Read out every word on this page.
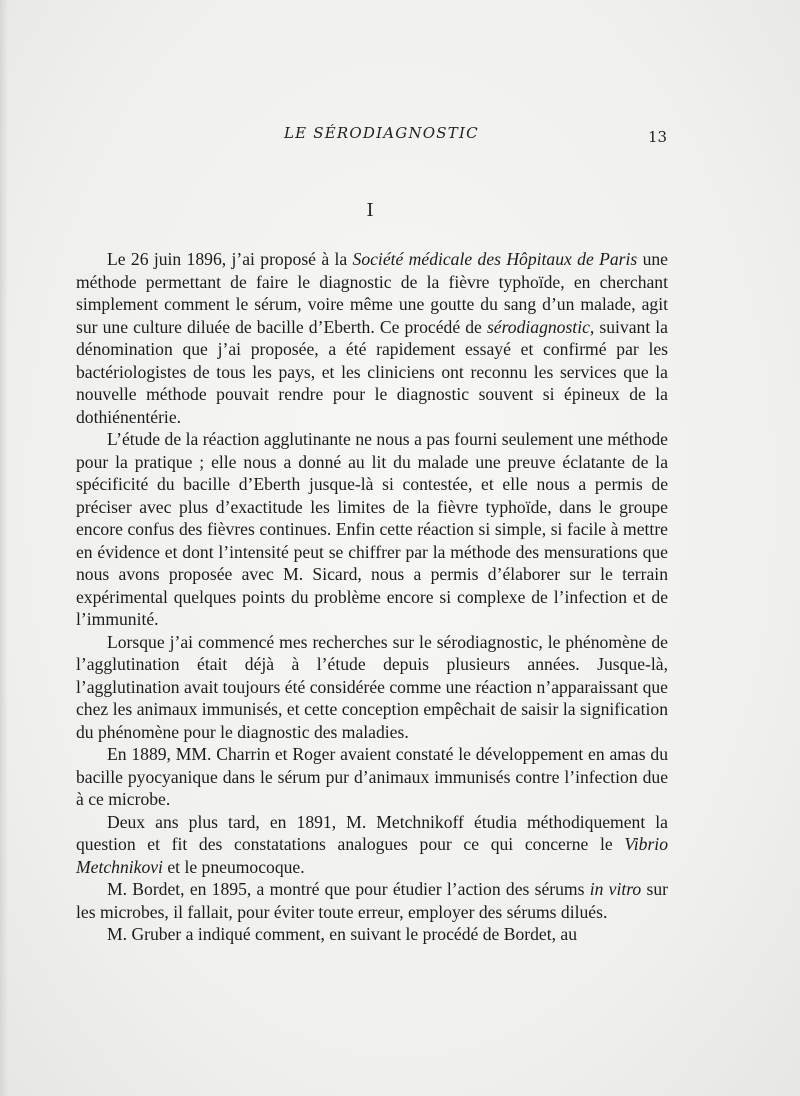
LE SÉRODIAGNOSTIC	13
I

Le 26 juin 1896, j’ai proposé à la Société médicale des Hôpitaux de Paris une méthode permettant de faire le diagnostic de la fièvre typhoïde, en cherchant simplement comment le sérum, voire même une goutte du sang d’un malade, agit sur une culture diluée de bacille d’Eberth. Ce procédé de sérodiagnostic, suivant la dénomination que j’ai proposée, a été rapidement essayé et confirmé par les bactériologistes de tous les pays, et les cliniciens ont reconnu les services que la nouvelle méthode pouvait rendre pour le diagnostic souvent si épineux de la dothiénentérie.

L’étude de la réaction agglutinante ne nous a pas fourni seulement une méthode pour la pratique ; elle nous a donné au lit du malade une preuve éclatante de la spécificité du bacille d’Eberth jusque-là si contestée, et elle nous a permis de préciser avec plus d’exactitude les limites de la fièvre typhoïde, dans le groupe encore confus des fièvres continues. Enfin cette réaction si simple, si facile à mettre en évidence et dont l’intensité peut se chiffrer par la méthode des mensurations que nous avons proposée avec M. Sicard, nous a permis d’élaborer sur le terrain expérimental quelques points du problème encore si complexe de l’infection et de l’immunité.

Lorsque j’ai commencé mes recherches sur le sérodiagnostic, le phénomène de l’agglutination était déjà à l’étude depuis plusieurs années. Jusque-là, l’agglutination avait toujours été considérée comme une réaction n’apparaissant que chez les animaux immunisés, et cette conception empêchait de saisir la signification du phénomène pour le diagnostic des maladies.

En 1889, MM. Charrin et Roger avaient constaté le développement en amas du bacille pyocyanique dans le sérum pur d’animaux immunisés contre l’infection due à ce microbe.

Deux ans plus tard, en 1891, M. Metchnikoff étudia méthodiquement la question et fit des constatations analogues pour ce qui concerne le Vibrio Metchnikovi et le pneumocoque.

M. Bordet, en 1895, a montré que pour étudier l’action des sérums in vitro sur les microbes, il fallait, pour éviter toute erreur, employer des sérums dilués.

M. Gruber a indiqué comment, en suivant le procédé de Bordet, au
